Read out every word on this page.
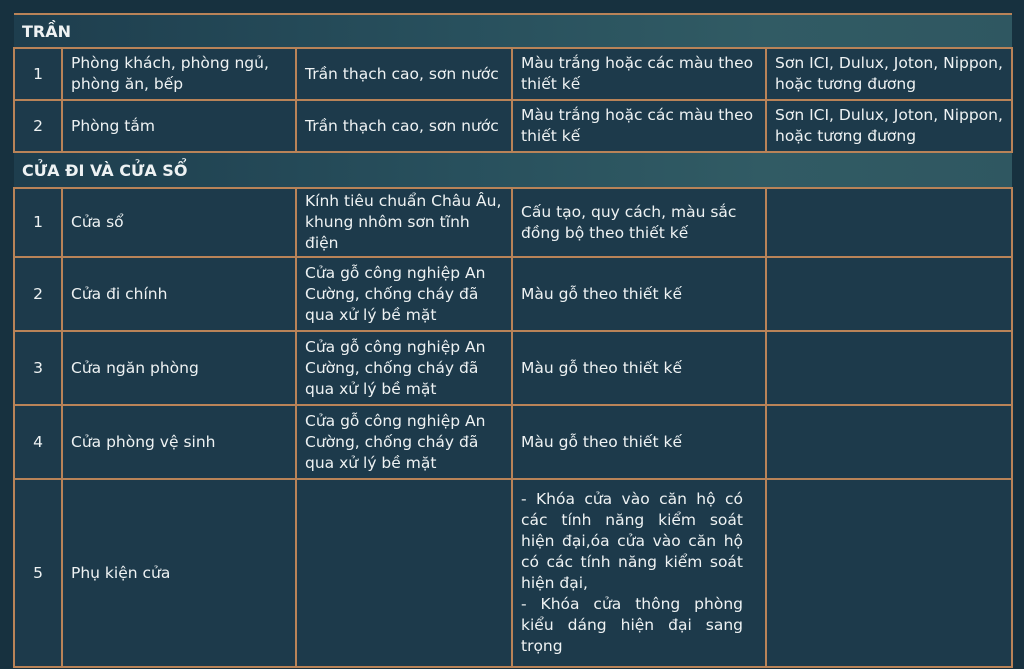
TRẦN				
1	Phòng khách, phòng ngủ, phòng ăn, bếp	Trần thạch cao, sơn nước	Màu trắng hoặc các màu theo thiết kế	Sơn ICI, Dulux, Joton, Nippon, hoặc tương đương
2	Phòng tắm	Trần thạch cao, sơn nước	Màu trắng hoặc các màu theo thiết kế	Sơn ICI, Dulux, Joton, Nippon, hoặc tương đương
CỬA ĐI VÀ CỬA SỔ				
1	Cửa sổ	Kính tiêu chuẩn Châu Âu, khung nhôm sơn tĩnh điện	Cấu tạo, quy cách, màu sắc đồng bộ theo thiết kế	
2	Cửa đi chính	Cửa gỗ công nghiệp An Cường, chống cháy đã qua xử lý bề mặt	Màu gỗ theo thiết kế	
3	Cửa ngăn phòng	Cửa gỗ công nghiệp An Cường, chống cháy đã qua xử lý bề mặt	Màu gỗ theo thiết kế	
4	Cửa phòng vệ sinh	Cửa gỗ công nghiệp An Cường, chống cháy đã qua xử lý bề mặt	Màu gỗ theo thiết kế	
5	Phụ kiện cửa		- Khóa cửa vào căn hộ có các tính năng kiểm soát hiện đại,óa cửa vào căn hộ có các tính năng kiểm soát hiện đại,
- Khóa cửa thông phòng kiểu dáng hiện đại sang trọng	
